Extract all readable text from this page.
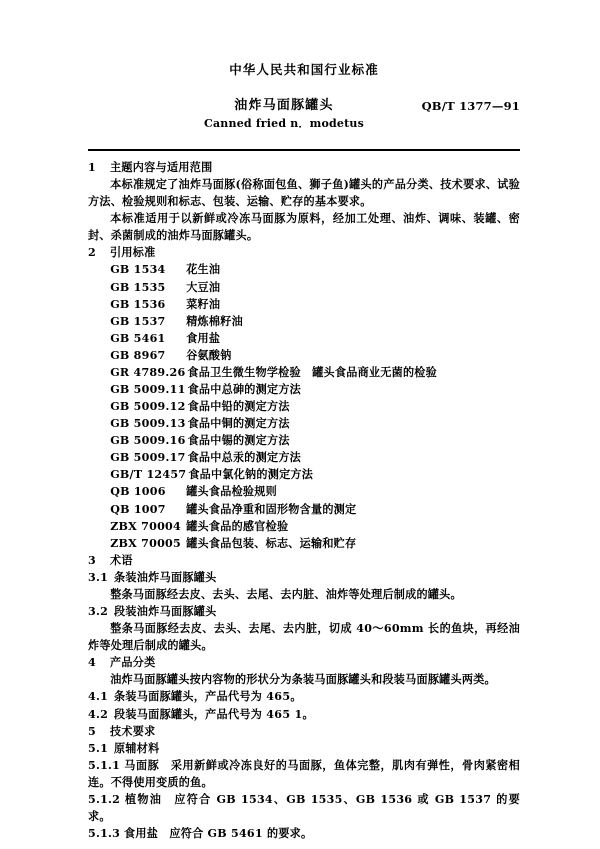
中华人民共和国行业标准
油炸马面豚罐头
Canned fried n．modetus
QB/T 1377—91
1 主题内容与适用范围
本标准规定了油炸马面豚(俗称面包鱼、狮子鱼)罐头的产品分类、技术要求、试验方法、检验规则和标志、包装、运输、贮存的基本要求。
本标准适用于以新鲜或冷冻马面豚为原料，经加工处理、油炸、调味、装罐、密封、杀菌制成的油炸马面豚罐头。
2 引用标准
GB 1534 花生油
GB 1535 大豆油
GB 1536 菜籽油
GB 1537 精炼棉籽油
GB 5461 食用盐
GB 8967 谷氨酸钠
GR 4789.26 食品卫生微生物学检验　罐头食品商业无菌的检验
GB 5009.11 食品中总砷的测定方法
GB 5009.12 食品中铅的测定方法
GB 5009.13 食品中铜的测定方法
GB 5009.16 食品中锡的测定方法
GB 5009.17 食品中总汞的测定方法
GB/T 12457 食品中氯化钠的测定方法
QB 1006 罐头食品检验规则
QB 1007 罐头食品净重和固形物含量的测定
ZBX 70004 罐头食品的感官检验
ZBX 70005 罐头食品包装、标志、运输和贮存
3 术语
3.1 条装油炸马面豚罐头
整条马面豚经去皮、去头、去尾、去内脏、油炸等处理后制成的罐头。
3.2 段装油炸马面豚罐头
整条马面豚经去皮、去头、去尾、去内脏，切成 40～60mm 长的鱼块，再经油炸等处理后制成的罐头。
4 产品分类
油炸马面豚罐头按内容物的形状分为条装马面豚罐头和段装马面豚罐头两类。
4.1 条装马面豚罐头，产品代号为 465。
4.2 段装马面豚罐头，产品代号为 465 1。
5 技术要求
5.1 原辅材料
5.1.1 马面豚　采用新鲜或冷冻良好的马面豚，鱼体完整，肌肉有弹性，骨肉紧密相连。不得使用变质的鱼。
5.1.2 植物油　应符合 GB 1534、GB 1535、GB 1536 或 GB 1537 的要求。
5.1.3 食用盐　应符合 GB 5461 的要求。
